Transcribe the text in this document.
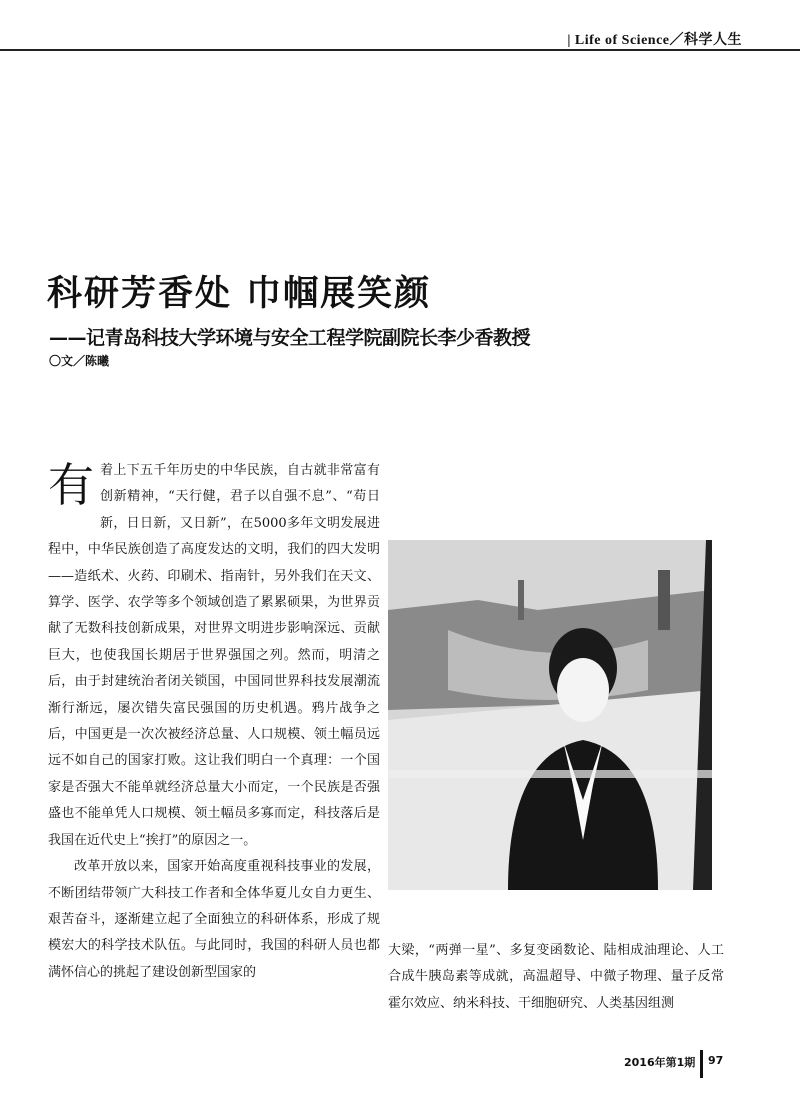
| Life of Science／科学人生
科研芳香处 巾帼展笑颜
——记青岛科技大学环境与安全工程学院副院长李少香教授
〇文／陈曦

有着上下五千年历史的中华民族，自古就非常富有创新精神，“天行健，君子以自强不息”、“苟日新，日日新，又日新”，在5000多年文明发展进程中，中华民族创造了高度发达的文明，我们的四大发明——造纸术、火药、印刷术、指南针，另外我们在天文、算学、医学、农学等多个领域创造了累累硕果，为世界贡献了无数科技创新成果，对世界文明进步影响深远、贡献巨大，也使我国长期居于世界强国之列。然而，明清之后，由于封建统治者闭关锁国，中国同世界科技发展潮流渐行渐远，屡次错失富民强国的历史机遇。鸦片战争之后，中国更是一次次被经济总量、人口规模、领土幅员远远不如自己的国家打败。这让我们明白一个真理：一个国家是否强大不能单就经济总量大小而定，一个民族是否强盛也不能单凭人口规模、领土幅员多寡而定，科技落后是我国在近代史上“挨打”的原因之一。

改革开放以来，国家开始高度重视科技事业的发展，不断团结带领广大科技工作者和全体华夏儿女自力更生、艰苦奋斗，逐渐建立起了全面独立的科研体系，形成了规模宏大的科学技术队伍。与此同时，我国的科研人员也都满怀信心的挑起了建设创新型国家的

大梁，“两弹一星”、多复变函数论、陆相成油理论、人工合成牛胰岛素等成就，高温超导、中微子物理、量子反常霍尔效应、纳米科技、干细胞研究、人类基因组测

2016年第1期 97
